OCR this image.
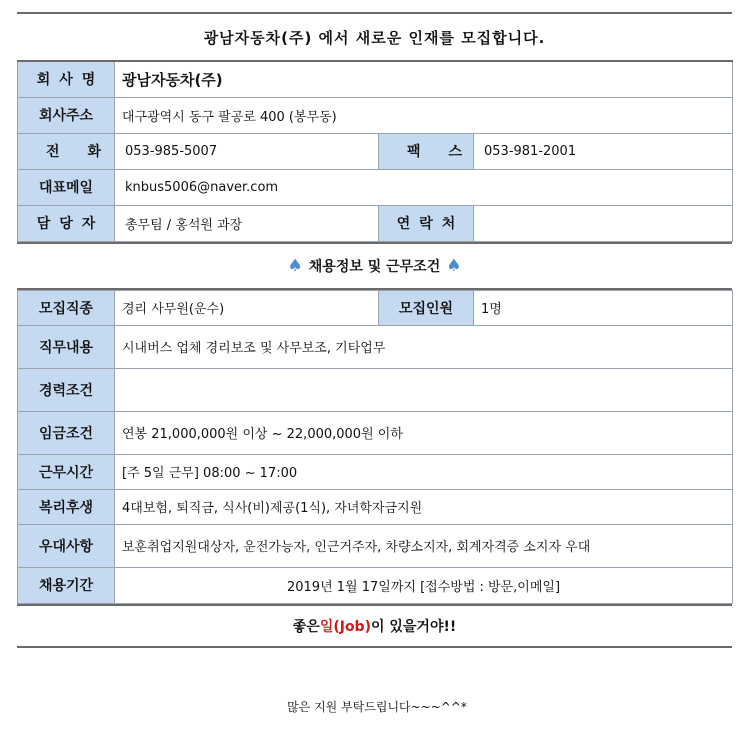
광남자동차(주) 에서 새로운 인재를 모집합니다.
회사명	광남자동차(주)		
회사주소	대구광역시 동구 팔공로 400 (봉무동)		
전화	053-985-5007	팩스	053-981-2001
대표메일	knbus5006@naver.com		
담당자	총무팀 / 홍석원 과장	연락처	
♠ 채용정보 및 근무조건 ♠
모집직종	경리 사무원(운수)	모집인원	1명
직무내용	시내버스 업체 경리보조 및 사무보조, 기타업무		
경력조건			
임금조건	연봉 21,000,000원 이상 ~ 22,000,000원 이하		
근무시간	[주 5일 근무] 08:00 ~ 17:00		
복리후생	4대보험, 퇴직금, 식사(비)제공(1식), 자녀학자금지원		
우대사항	보훈취업지원대상자, 운전가능자, 인근거주자, 차량소지자, 회계자격증 소지자 우대		
채용기간	2019년 1월 17일까지 [접수방법 : 방문,이메일]		
좋은 일(Job) 이 있을거야!!
많은 지원 부탁드립니다~~~^^*
